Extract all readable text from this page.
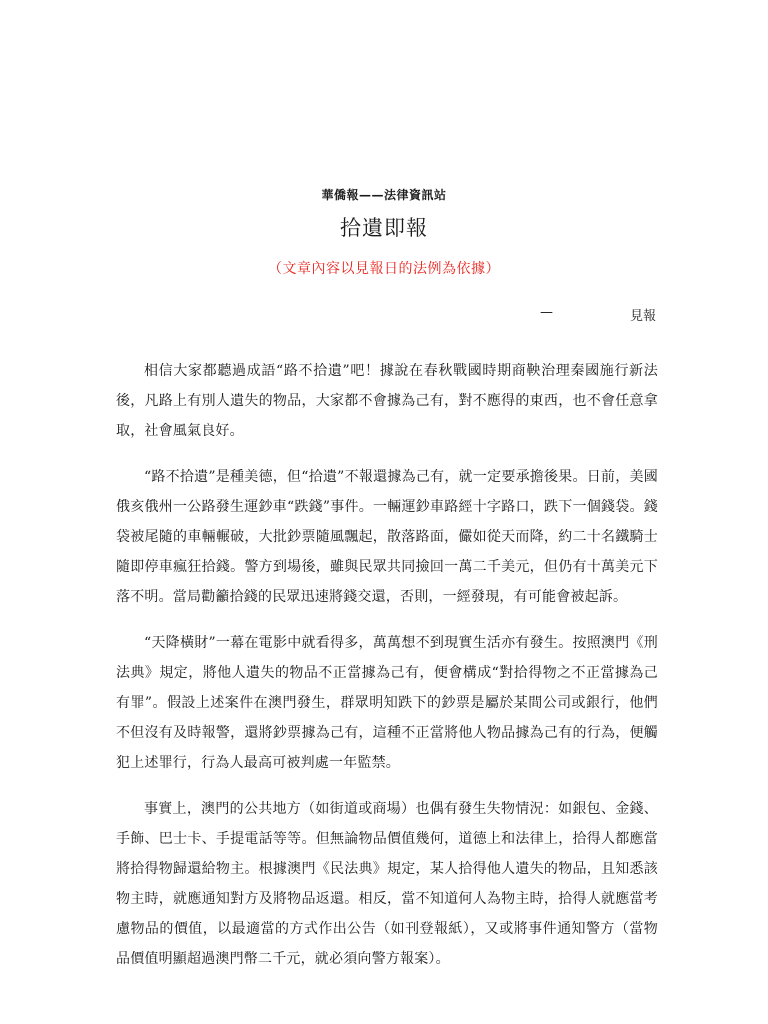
華僑報——法律資訊站
拾遺即報
（文章內容以見報日的法例為依據）
—	見報

相信大家都聽過成語“路不拾遺”吧！據說在春秋戰國時期商鞅治理秦國施行新法後，凡路上有別人遺失的物品，大家都不會據為己有，對不應得的東西，也不會任意拿取，社會風氣良好。

“路不拾遺”是種美德，但“拾遺”不報還據為己有，就一定要承擔後果。日前，美國俄亥俄州一公路發生運鈔車“跌錢”事件。一輛運鈔車路經十字路口，跌下一個錢袋。錢袋被尾隨的車輛輾破，大批鈔票隨風飄起，散落路面，儼如從天而降，約二十名鐵騎士隨即停車瘋狂拾錢。警方到場後，雖與民眾共同撿回一萬二千美元，但仍有十萬美元下落不明。當局勸籲拾錢的民眾迅速將錢交還，否則，一經發現，有可能會被起訴。

“天降橫財”一幕在電影中就看得多，萬萬想不到現實生活亦有發生。按照澳門《刑法典》規定，將他人遺失的物品不正當據為己有，便會構成“對拾得物之不正當據為己有罪”。假設上述案件在澳門發生，群眾明知跌下的鈔票是屬於某間公司或銀行，他們不但沒有及時報警，還將鈔票據為己有，這種不正當將他人物品據為己有的行為，便觸犯上述罪行，行為人最高可被判處一年監禁。

事實上，澳門的公共地方（如街道或商場）也偶有發生失物情況：如銀包、金錢、手飾、巴士卡、手提電話等等。但無論物品價值幾何，道德上和法律上，拾得人都應當將拾得物歸還給物主。根據澳門《民法典》規定，某人拾得他人遺失的物品，且知悉該物主時，就應通知對方及將物品返還。相反，當不知道何人為物主時，拾得人就應當考慮物品的價值，以最適當的方式作出公告（如刊登報紙），又或將事件通知警方（當物品價值明顯超過澳門幣二千元，就必須向警方報案）。
